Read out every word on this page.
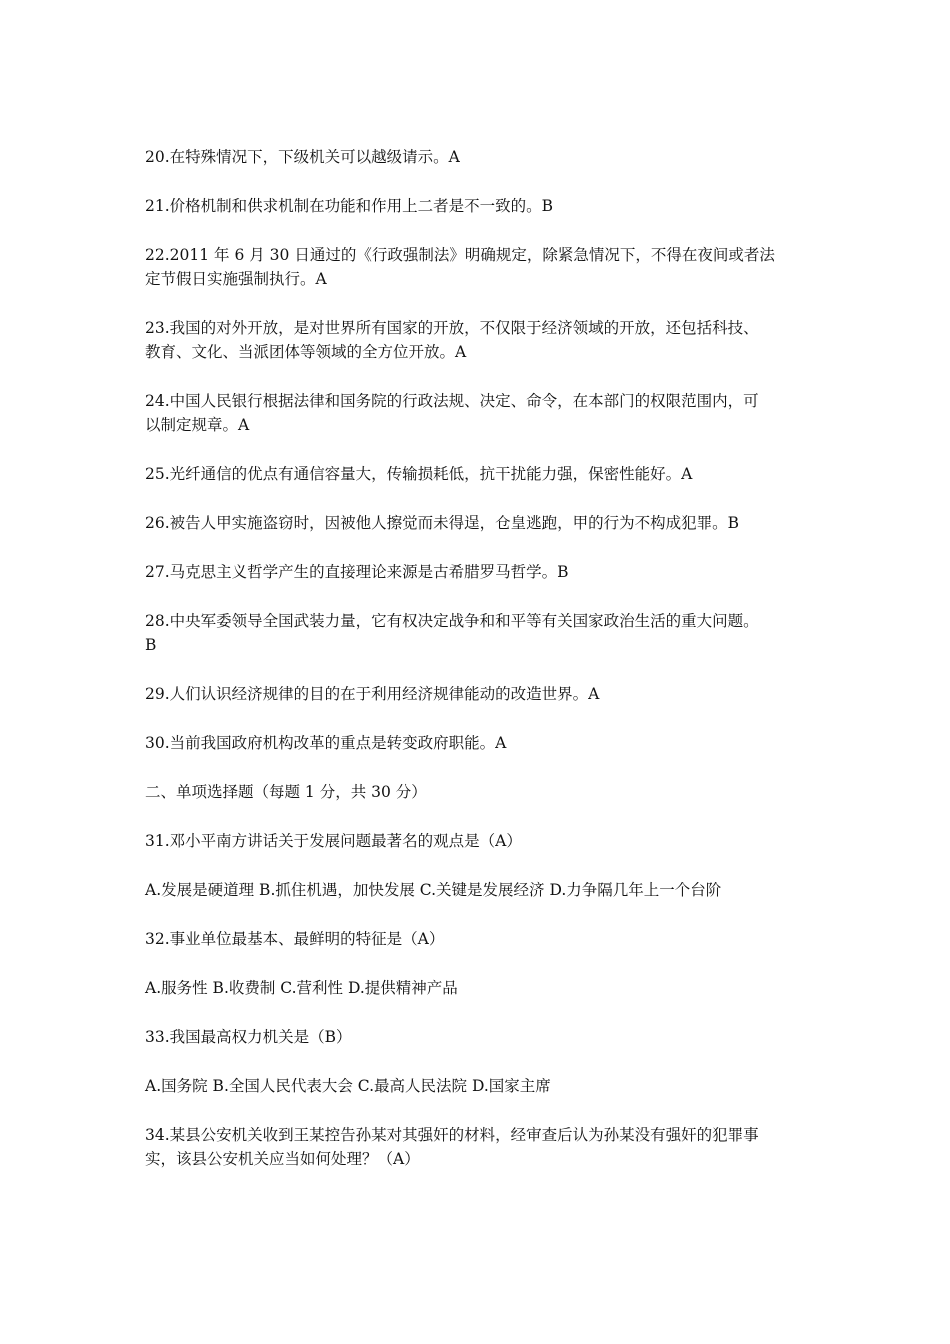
20.在特殊情况下，下级机关可以越级请示。A

21.价格机制和供求机制在功能和作用上二者是不一致的。B

22.2011 年 6 月 30 日通过的《行政强制法》明确规定，除紧急情况下，不得在夜间或者法
定节假日实施强制执行。A

23.我国的对外开放，是对世界所有国家的开放，不仅限于经济领域的开放，还包括科技、
教育、文化、当派团体等领域的全方位开放。A

24.中国人民银行根据法律和国务院的行政法规、决定、命令，在本部门的权限范围内，可
以制定规章。A

25.光纤通信的优点有通信容量大，传输损耗低，抗干扰能力强，保密性能好。A

26.被告人甲实施盗窃时，因被他人擦觉而未得逞，仓皇逃跑，甲的行为不构成犯罪。B

27.马克思主义哲学产生的直接理论来源是古希腊罗马哲学。B

28.中央军委领导全国武装力量，它有权决定战争和和平等有关国家政治生活的重大问题。
B

29.人们认识经济规律的目的在于利用经济规律能动的改造世界。A

30.当前我国政府机构改革的重点是转变政府职能。A

二、单项选择题（每题 1 分，共 30 分）

31.邓小平南方讲话关于发展问题最著名的观点是（A）

A.发展是硬道理 B.抓住机遇，加快发展 C.关键是发展经济 D.力争隔几年上一个台阶

32.事业单位最基本、最鲜明的特征是（A）

A.服务性 B.收费制 C.营利性 D.提供精神产品

33.我国最高权力机关是（B）

A.国务院 B.全国人民代表大会 C.最高人民法院 D.国家主席

34.某县公安机关收到王某控告孙某对其强奸的材料，经审查后认为孙某没有强奸的犯罪事
实，该县公安机关应当如何处理？（A）
